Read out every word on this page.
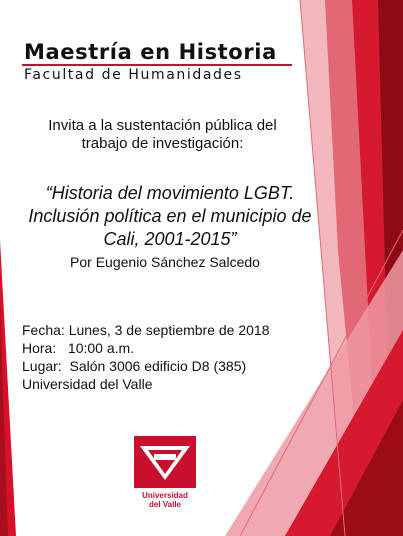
Maestría en Historia
Facultad de Humanidades
Invita a la sustentación pública del
trabajo de investigación:
“Historia del movimiento LGBT.
Inclusión política en el municipio de
Cali, 2001-2015”
Por Eugenio Sánchez Salcedo
Fecha: Lunes, 3 de septiembre de 2018
Hora:   10:00 a.m.
Lugar:  Salón 3006 edificio D8 (385)
Universidad del Valle
Universidad
del Valle
